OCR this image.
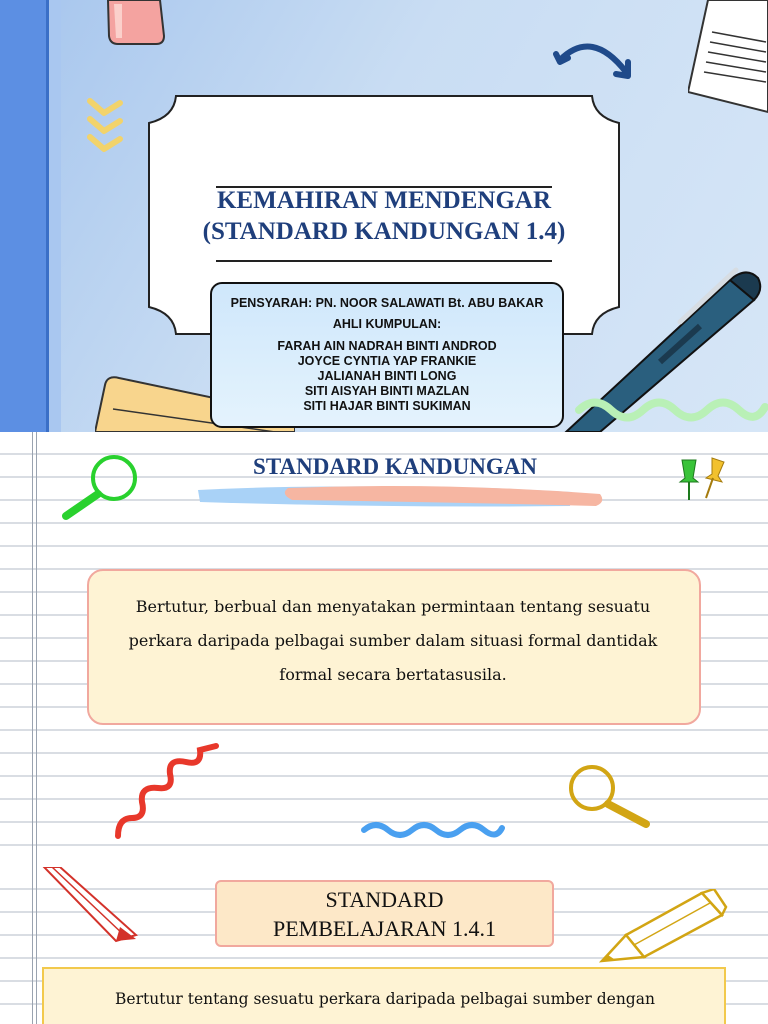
KEMAHIRAN MENDENGAR
(STANDARD KANDUNGAN 1.4)
PENSYARAH: PN. NOOR SALAWATI Bt. ABU BAKAR
AHLI KUMPULAN:
FARAH AIN NADRAH BINTI ANDROD
JOYCE CYNTIA YAP FRANKIE
JALIANAH BINTI LONG
SITI AISYAH BINTI MAZLAN
SITI HAJAR BINTI SUKIMAN
STANDARD KANDUNGAN
Bertutur, berbual dan menyatakan permintaan tentang sesuatu perkara daripada pelbagai sumber dalam situasi formal dantidak formal secara bertatasusila.
STANDARD
PEMBELAJARAN 1.4.1
Bertutur tentang sesuatu perkara daripada pelbagai sumber dengan
